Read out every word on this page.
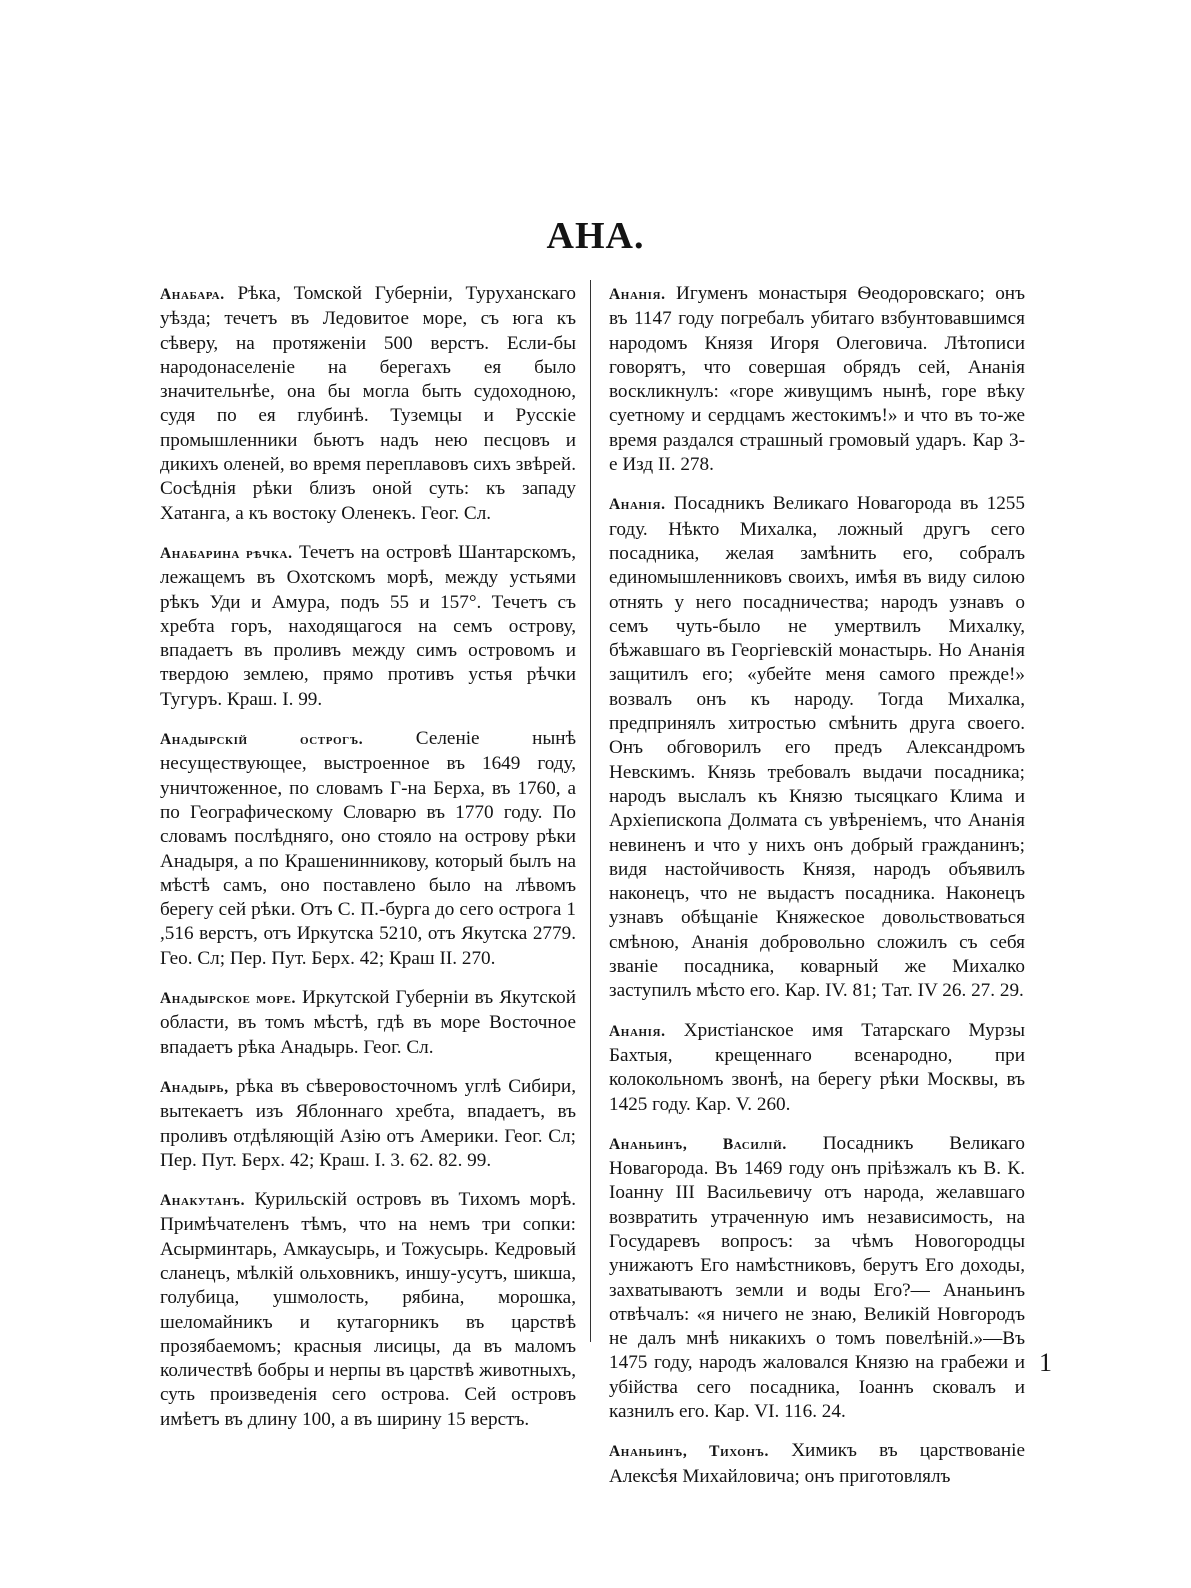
АНА.

Анабара. Рѣка, Томской Губерніи, Туруханскаго уѣзда; течетъ въ Ледовитое море, съ юга къ сѣверу, на протяженіи 500 верстъ. Если-бы народонаселеніе на берегахъ ея было значительнѣе, она бы могла быть судоходною, судя по ея глубинѣ. Туземцы и Русскіе промышленники бьютъ надъ нею песцовъ и дикихъ оленей, во время переплавовъ сихъ звѣрей. Сосѣднія рѣки близъ оной суть: къ западу Хатанга, а къ востоку Оленекъ. Геог. Сл.

Анабарина рѣчка. Течетъ на островѣ Шантарскомъ, лежащемъ въ Охотскомъ морѣ, между устьями рѣкъ Уди и Амура, подъ 55 и 157°. Течетъ съ хребта горъ, находящагося на семъ острову, впадаетъ въ проливъ между симъ островомъ и твердою землею, прямо противъ устья рѣчки Тугуръ. Краш. I. 99.

Анадырскій острогъ. Селеніе нынѣ несуществующее, выстроенное въ 1649 году, уничтоженное, по словамъ Г-на Берха, въ 1760, а по Географическому Словарю въ 1770 году. По словамъ послѣдняго, оно стояло на острову рѣки Анадыря, а по Крашенинникову, который былъ на мѣстѣ самъ, оно поставлено было на лѣвомъ берегу сей рѣки. Отъ С. П.-бурга до сего острога 1 ,516 верстъ, отъ Иркутска 5210, отъ Якутска 2779. Гео. Сл; Пер. Пут. Берх. 42; Краш II. 270.

Анадырское море. Иркутской Губерніи въ Якутской области, въ томъ мѣстѣ, гдѣ въ море Восточное впадаетъ рѣка Анадырь. Геог. Сл.

Анадырь, рѣка въ сѣверовосточномъ углѣ Сибири, вытекаетъ изъ Яблоннаго хребта, впадаетъ, въ проливъ отдѣляющій Азію отъ Америки. Геог. Сл; Пер. Пут. Берх. 42; Краш. I. 3. 62. 82. 99.

Анакутанъ. Курильскій островъ въ Тихомъ морѣ. Примѣчателенъ тѣмъ, что на немъ три сопки: Асырминтарь, Амкаусырь, и Тожусырь. Кедровый сланецъ, мѣлкій ольховникъ, иншу-усутъ, шикша, голубица, ушмолость, рябина, морошка, шеломайникъ и кутагорникъ въ царствѣ прозябаемомъ; красныя лисицы, да въ маломъ количествѣ бобры и нерпы въ царствѣ животныхъ, суть произведенія сего острова. Сей островъ имѣетъ въ длину 100, а въ ширину 15 верстъ.

Ананія. Игуменъ монастыря Ѳеодоровскаго; онъ въ 1147 году погребалъ убитаго взбунтовавшимся народомъ Князя Игоря Олеговича. Лѣтописи говорятъ, что совершая обрядъ сей, Ананія воскликнулъ: «горе живущимъ нынѣ, горе вѣку суетному и сердцамъ жестокимъ!» и что въ то-же время раздался страшный громовый ударъ. Кар 3-е Изд II. 278.

Ананія. Посадникъ Великаго Новагорода въ 1255 году. Нѣкто Михалка, ложный другъ сего посадника, желая замѣнить его, собралъ единомышленниковъ своихъ, имѣя въ виду силою отнять у него посадничества; народъ узнавъ о семъ чуть-было не умертвилъ Михалку, бѣжавшаго въ Георгіевскій монастырь. Но Ананія защитилъ его; «убейте меня самого прежде!» возвалъ онъ къ народу. Тогда Михалка, предпринялъ хитростью смѣнить друга своего. Онъ обговорилъ его предъ Александромъ Невскимъ. Князь требовалъ выдачи посадника; народъ выслалъ къ Князю тысяцкаго Клима и Архіепископа Долмата съ увѣреніемъ, что Ананія невиненъ и что у нихъ онъ добрый гражданинъ; видя настойчивость Князя, народъ объявилъ наконецъ, что не выдастъ посадника. Наконецъ узнавъ обѣщаніе Княжеское довольствоваться смѣною, Ананія добровольно сложилъ съ себя званіе посадника, коварный же Михалко заступилъ мѣсто его. Кар. IV. 81; Тат. IV 26. 27. 29.

Ананія. Христіанское имя Татарскаго Мурзы Бахтыя, крещеннаго всенародно, при колокольномъ звонѣ, на берегу рѣки Москвы, въ 1425 году. Кар. V. 260.

Ананьинъ, Василій. Посадникъ Великаго Новагорода. Въ 1469 году онъ пріѣзжалъ къ В. К. Іоанну III Васильевичу отъ народа, желавшаго возвратить утраченную имъ независимость, на Государевъ вопросъ: за чѣмъ Новогородцы унижаютъ Его намѣстниковъ, берутъ Его доходы, захватываютъ земли и воды Его?— Ананьинъ отвѣчалъ: «я ничего не знаю, Великій Новгородъ не далъ мнѣ никакихъ о томъ повелѣній.»—Въ 1475 году, народъ жаловался Князю на грабежи и убійства сего посадника, Іоаннъ сковалъ и казнилъ его. Кар. VI. 116. 24.

Ананьинъ, Тихонъ. Химикъ въ царствованіе Алексѣя Михайловича; онъ приготовлялъ

1
